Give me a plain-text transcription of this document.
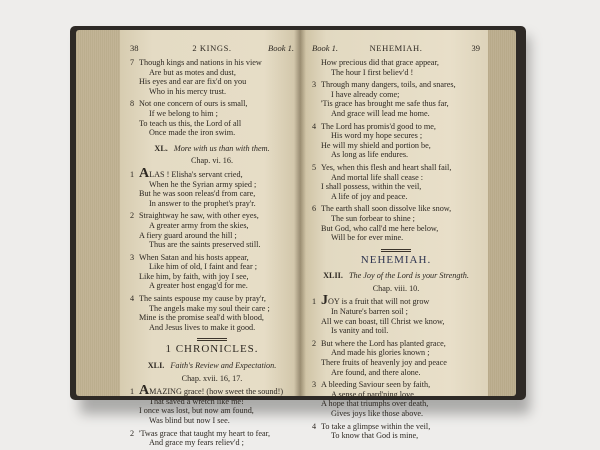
38	2 KINGS.	Book 1.
7 Though kings and nations in his view
Are but as motes and dust,
His eyes and ear are fix'd on you
Who in his mercy trust.
8 Not one concern of ours is small,
If we belong to him ;
To teach us this, the Lord of all
Once made the iron swim.
XL. More with us than with them.
Chap. vi. 16.
1 ALAS ! Elisha's servant cried,
When he the Syrian army spied ;
But he was soon releas'd from care,
In answer to the prophet's pray'r.
2 Straightway he saw, with other eyes,
A greater army from the skies,
A fiery guard around the hill ;
Thus are the saints preserved still.
3 When Satan and his hosts appear,
Like him of old, I faint and fear ;
Like him, by faith, with joy I see,
A greater host engag'd for me.
4 The saints espouse my cause by pray'r,
The angels make my soul their care ;
Mine is the promise seal'd with blood,
And Jesus lives to make it good.
1 CHRONICLES.
XLI. Faith's Review and Expectation.
Chap. xvii. 16, 17.
1 AMAZING grace! (how sweet the sound!)
That saved a wretch like me!
I once was lost, but now am found,
Was blind but now I see.
2 'Twas grace that taught my heart to fear,
And grace my fears reliev'd ;
Book 1.	NEHEMIAH.	39
How precious did that grace appear,
The hour I first believ'd !
3 Through many dangers, toils, and snares,
I have already come;
'Tis grace has brought me safe thus far,
And grace will lead me home.
4 The Lord has promis'd good to me,
His word my hope secures ;
He will my shield and portion be,
As long as life endures.
5 Yes, when this flesh and heart shall fail,
And mortal life shall cease :
I shall possess, within the veil,
A life of joy and peace.
6 The earth shall soon dissolve like snow,
The sun forbear to shine ;
But God, who call'd me here below,
Will be for ever mine.
NEHEMIAH.
XLII. The Joy of the Lord is your Strength.
Chap. viii. 10.
1 JOY is a fruit that will not grow
In Nature's barren soil ;
All we can boast, till Christ we know,
Is vanity and toil.
2 But where the Lord has planted grace,
And made his glories known ;
There fruits of heavenly joy and peace
Are found, and there alone.
3 A bleeding Saviour seen by faith,
A sense of pard'ning love,
A hope that triumphs over death,
Gives joys like those above.
4 To take a glimpse within the veil,
To know that God is mine,
